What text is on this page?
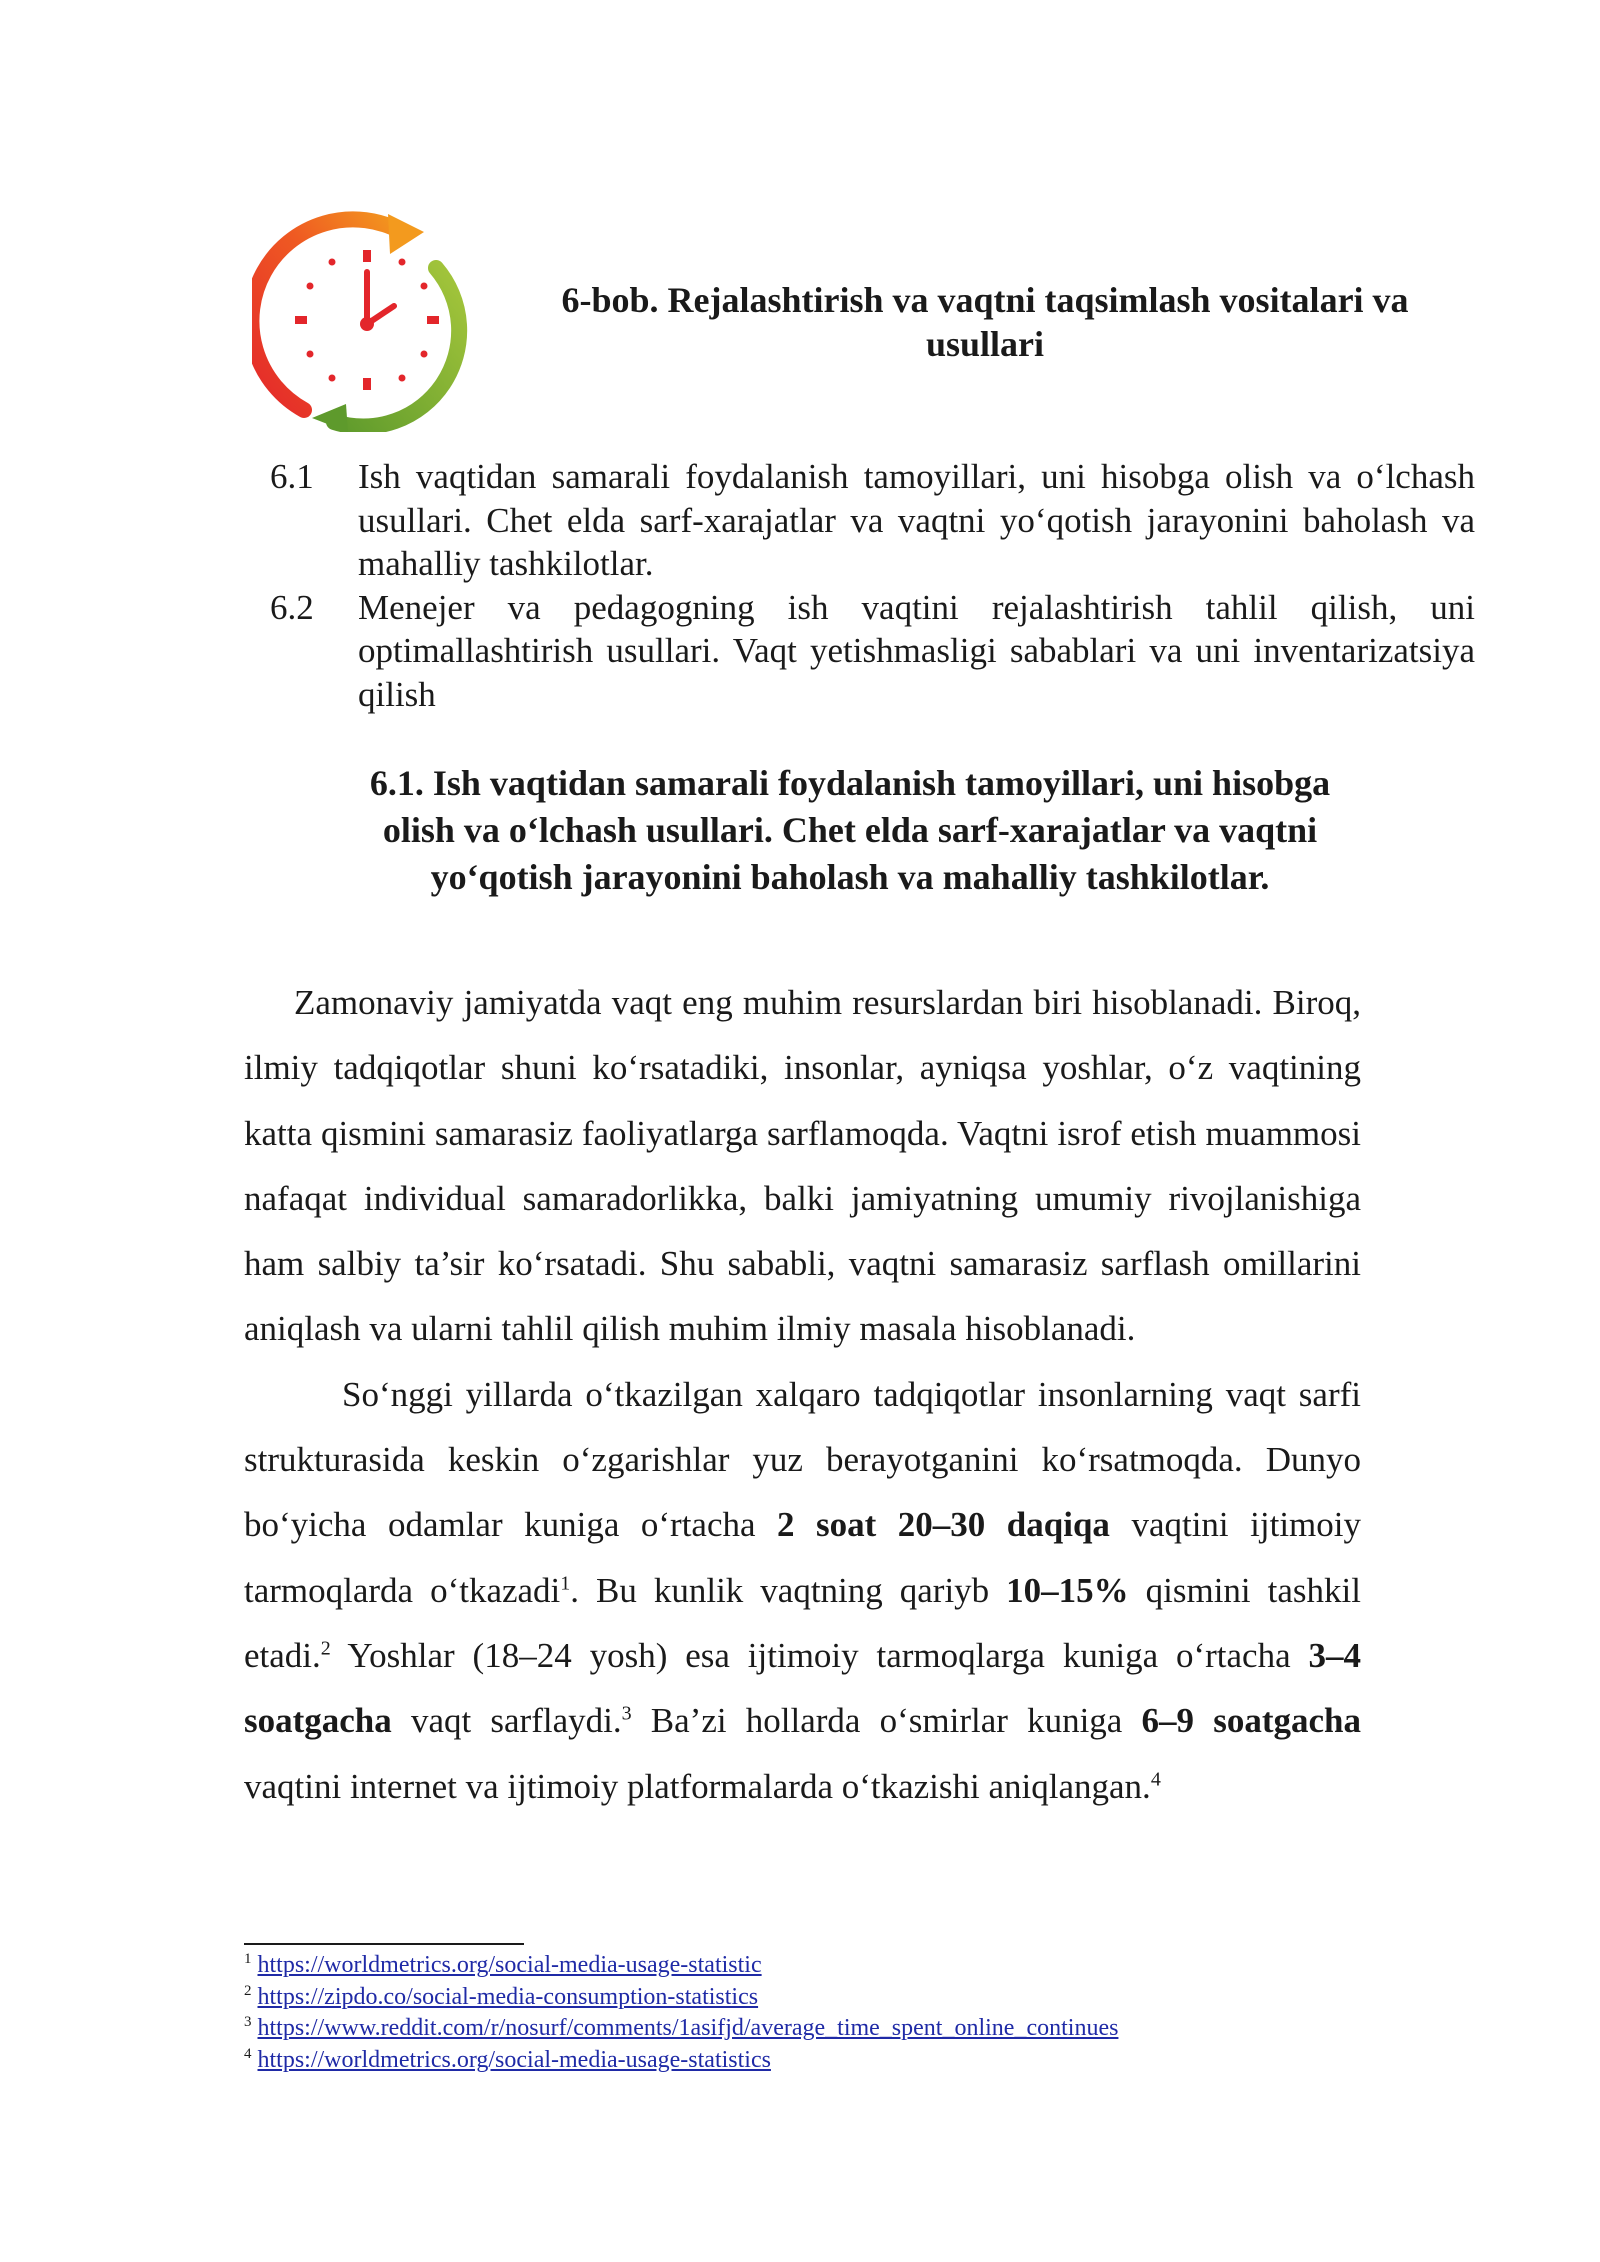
6-bob. Rejalashtirish va vaqtni taqsimlash vositalari va
usullari
6.1 Ish vaqtidan samarali foydalanish tamoyillari, uni hisobga olish va o‘lchash usullari. Chet elda sarf-xarajatlar va vaqtni yo‘qotish jarayonini baholash va mahalliy tashkilotlar.
6.2 Menejer va pedagogning ish vaqtini rejalashtirish tahlil qilish, uni optimallashtirish usullari. Vaqt yetishmasligi sabablari va uni inventarizatsiya qilish
6.1. Ish vaqtidan samarali foydalanish tamoyillari, uni hisobga
olish va o‘lchash usullari. Chet elda sarf-xarajatlar va vaqtni
yo‘qotish jarayonini baholash va mahalliy tashkilotlar.

Zamonaviy jamiyatda vaqt eng muhim resurslardan biri hisoblanadi. Biroq, ilmiy tadqiqotlar shuni ko‘rsatadiki, insonlar, ayniqsa yoshlar, o‘z vaqtining katta qismini samarasiz faoliyatlarga sarflamoqda. Vaqtni isrof etish muammosi nafaqat individual samaradorlikka, balki jamiyatning umumiy rivojlanishiga ham salbiy ta’sir ko‘rsatadi. Shu sababli, vaqtni samarasiz sarflash omillarini aniqlash va ularni tahlil qilish muhim ilmiy masala hisoblanadi.

So‘nggi yillarda o‘tkazilgan xalqaro tadqiqotlar insonlarning vaqt sarfi strukturasida keskin o‘zgarishlar yuz berayotganini ko‘rsatmoqda. Dunyo bo‘yicha odamlar kuniga o‘rtacha 2 soat 20–30 daqiqa vaqtini ijtimoiy tarmoqlarda o‘tkazadi$^1$. Bu kunlik vaqtning qariyb 10–15% qismini tashkil etadi.$^2$ Yoshlar (18–24 yosh) esa ijtimoiy tarmoqlarga kuniga o‘rtacha 3–4 soatgacha vaqt sarflaydi.$^3$ Ba’zi hollarda o‘smirlar kuniga 6–9 soatgacha vaqtini internet va ijtimoiy platformalarda o‘tkazishi aniqlangan.$^4$

$^1$ https://worldmetrics.org/social-media-usage-statistic
$^2$ https://zipdo.co/social-media-consumption-statistics
$^3$ https://www.reddit.com/r/nosurf/comments/1asifjd/average_time_spent_online_continues
$^4$ https://worldmetrics.org/social-media-usage-statistics
